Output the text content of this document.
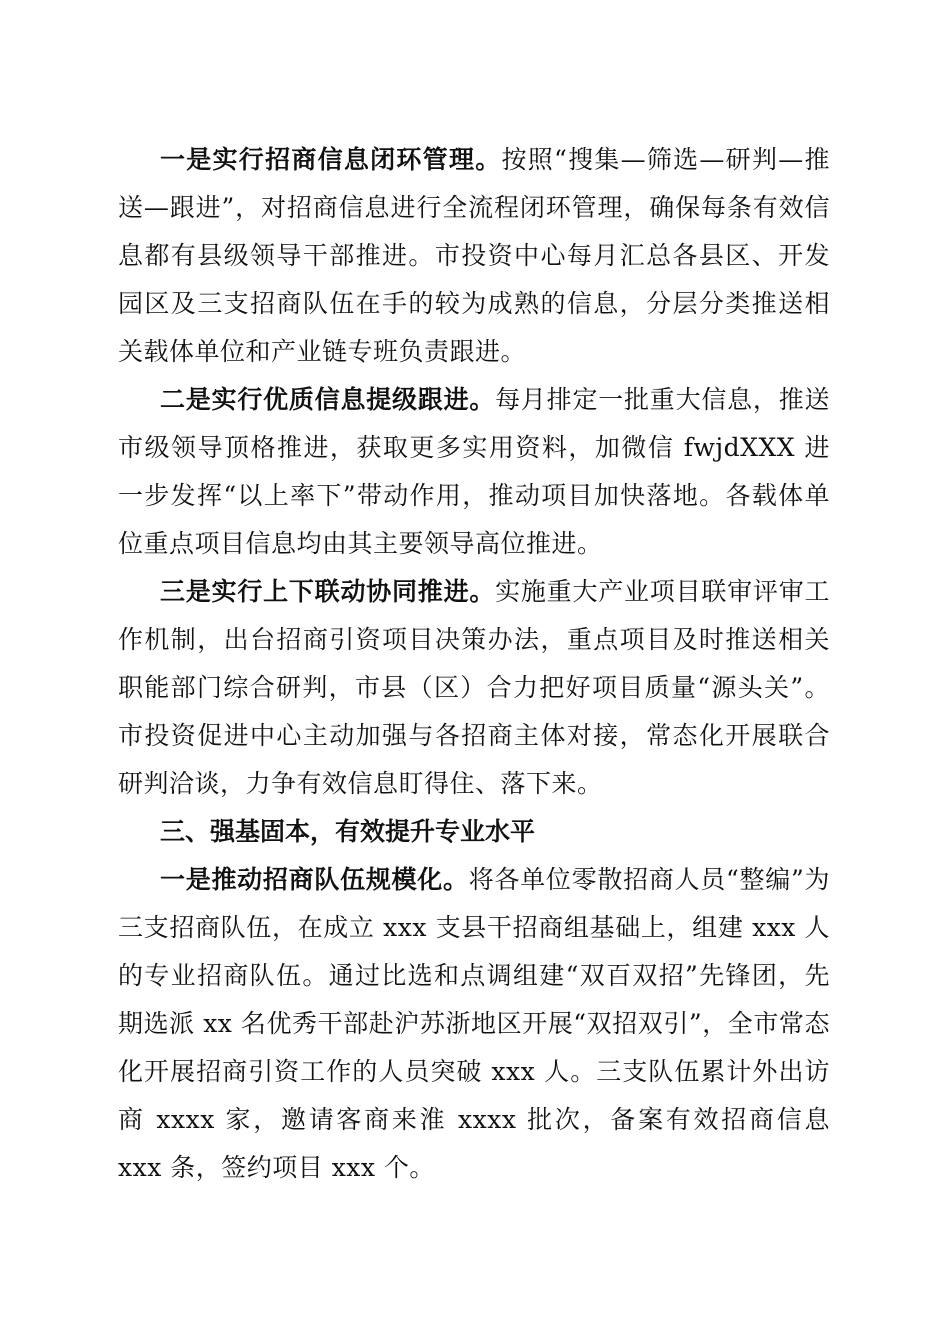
一是实行招商信息闭环管理。按照“搜集—筛选—研判—推送—跟进”，对招商信息进行全流程闭环管理，确保每条有效信息都有县级领导干部推进。市投资中心每月汇总各县区、开发园区及三支招商队伍在手的较为成熟的信息，分层分类推送相关载体单位和产业链专班负责跟进。

二是实行优质信息提级跟进。每月排定一批重大信息，推送市级领导顶格推进，获取更多实用资料，加微信 fwjdXXX 进一步发挥“以上率下”带动作用，推动项目加快落地。各载体单位重点项目信息均由其主要领导高位推进。

三是实行上下联动协同推进。实施重大产业项目联审评审工作机制，出台招商引资项目决策办法，重点项目及时推送相关职能部门综合研判，市县（区）合力把好项目质量“源头关”。市投资促进中心主动加强与各招商主体对接，常态化开展联合研判洽谈，力争有效信息盯得住、落下来。

三、强基固本，有效提升专业水平

一是推动招商队伍规模化。将各单位零散招商人员“整编”为三支招商队伍，在成立 xxx 支县干招商组基础上，组建 xxx 人的专业招商队伍。通过比选和点调组建“双百双招”先锋团，先期选派 xx 名优秀干部赴沪苏浙地区开展“双招双引”，全市常态化开展招商引资工作的人员突破 xxx 人。三支队伍累计外出访商 xxxx 家，邀请客商来淮 xxxx 批次，备案有效招商信息 xxx 条，签约项目 xxx 个。
